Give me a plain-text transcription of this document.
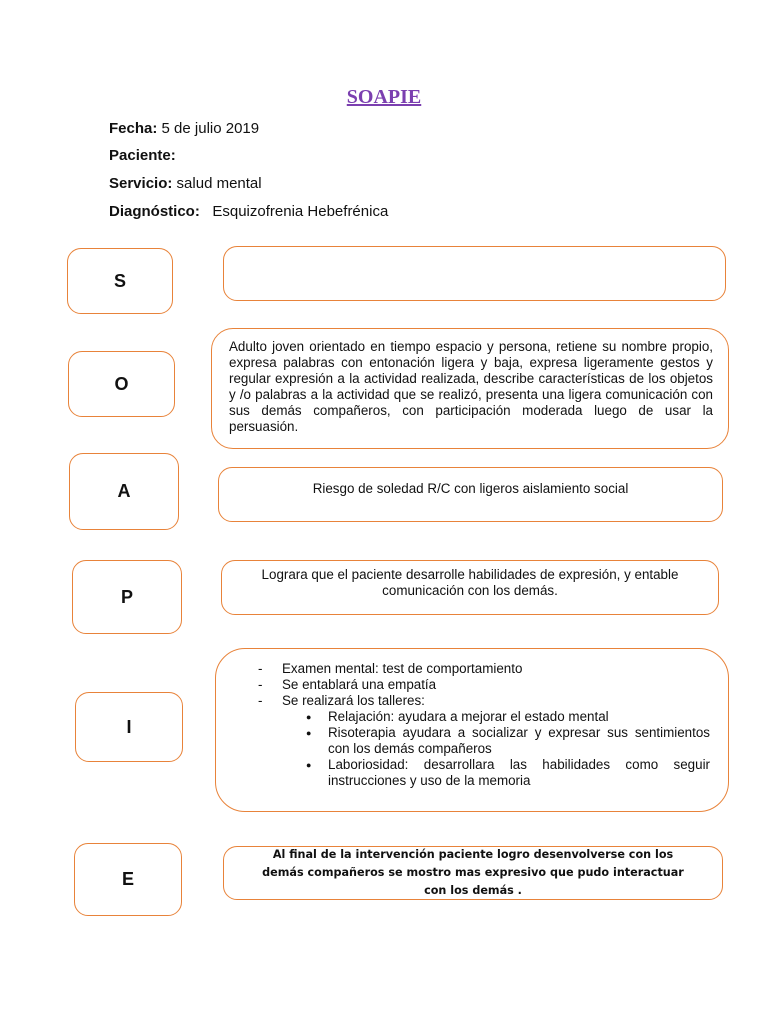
SOAPIE
Fecha: 5 de julio 2019
Paciente:
Servicio: salud mental
Diagnóstico: Esquizofrenia Hebefrénica
S
O
Adulto joven orientado en tiempo espacio y persona, retiene su nombre propio, expresa palabras con entonación ligera y baja, expresa ligeramente gestos y regular expresión a la actividad realizada, describe características de los objetos y /o palabras a la actividad que se realizó, presenta una ligera comunicación con sus demás compañeros, con participación moderada luego de usar la persuasión.
A	Riesgo de soledad R/C con ligeros aislamiento social
P
Lograra que el paciente desarrolle habilidades de expresión, y entable comunicación con los demás.
I
- Examen mental: test de comportamiento
- Se entablará una empatía
- Se realizará los talleres:
● Relajación: ayudara a mejorar el estado mental
● Risoterapia ayudara a socializar y expresar sus sentimientos con los demás compañeros
● Laboriosidad: desarrollara las habilidades como seguir instrucciones y uso de la memoria
E
Al final de la intervención paciente logro desenvolverse con los demás compañeros se mostro mas expresivo que pudo interactuar con los demás .
